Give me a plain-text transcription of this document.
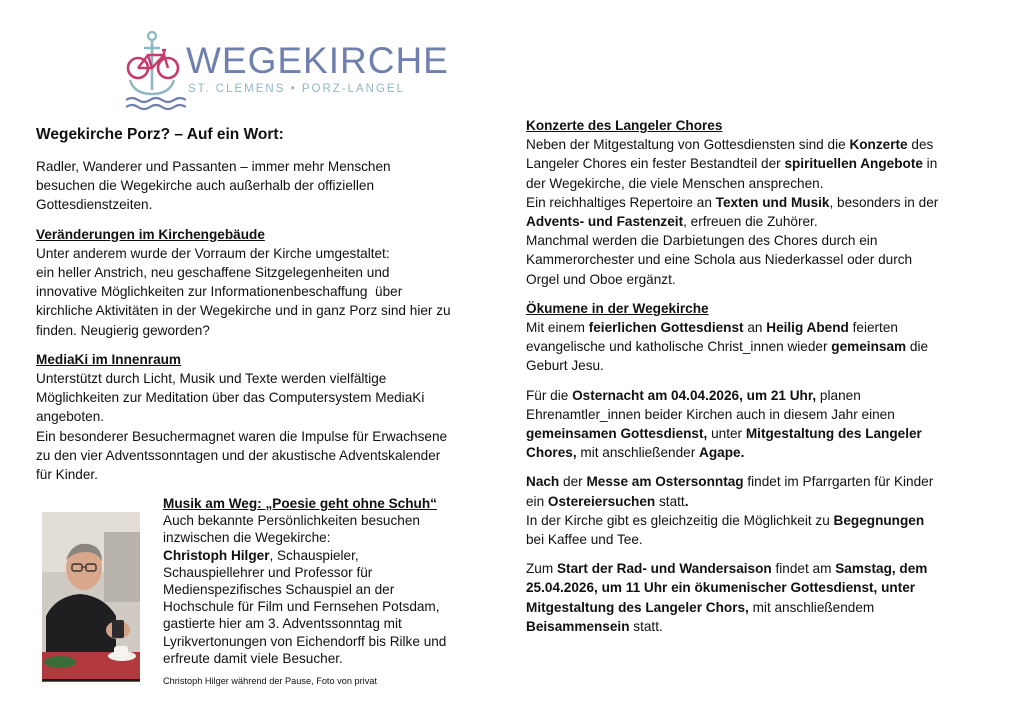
WEGEKIRCHE
ST. CLEMENS • PORZ-LANGEL
Wegekirche Porz? – Auf ein Wort:

Radler, Wanderer und Passanten – immer mehr Menschen besuchen die Wegekirche auch außerhalb der offiziellen Gottesdienstzeiten.

Veränderungen im Kirchengebäude

Unter anderem wurde der Vorraum der Kirche umgestaltet:

ein heller Anstrich, neu geschaffene Sitzgelegenheiten und

innovative Möglichkeiten zur Informationenbeschaffung  über

kirchliche Aktivitäten in der Wegekirche und in ganz Porz sind hier zu

finden. Neugierig geworden?

MediaKi im Innenraum

Unterstützt durch Licht, Musik und Texte werden vielfältige

Möglichkeiten zur Meditation über das Computersystem MediaKi

angeboten.

Ein besonderer Besuchermagnet waren die Impulse für Erwachsene

zu den vier Adventssonntagen und der akustische Adventskalender

für Kinder.

Musik am Weg: „Poesie geht ohne Schuh“

Auch bekannte Persönlichkeiten besuchen

inzwischen die Wegekirche:

Christoph Hilger, Schauspieler,

Schauspiellehrer und Professor für

Medienspezifisches Schauspiel an der

Hochschule für Film und Fernsehen Potsdam,

gastierte hier am 3. Adventssonntag mit

Lyrikvertonungen von Eichendorff bis Rilke und

erfreute damit viele Besucher.

Christoph Hilger während der Pause, Foto von privat

Konzerte des Langeler Chores

Neben der Mitgestaltung von Gottesdiensten sind die Konzerte des

Langeler Chores ein fester Bestandteil der spirituellen Angebote in

der Wegekirche, die viele Menschen ansprechen.

Ein reichhaltiges Repertoire an Texten und Musik, besonders in der

Advents- und Fastenzeit, erfreuen die Zuhörer.

Manchmal werden die Darbietungen des Chores durch ein

Kammerorchester und eine Schola aus Niederkassel oder durch

Orgel und Oboe ergänzt.

Ökumene in der Wegekirche

Mit einem feierlichen Gottesdienst an Heilig Abend feierten

evangelische und katholische Christ_innen wieder gemeinsam die

Geburt Jesu.

Für die Osternacht am 04.04.2026, um 21 Uhr, planen

Ehrenamtler_innen beider Kirchen auch in diesem Jahr einen

gemeinsamen Gottesdienst, unter Mitgestaltung des Langeler

Chores, mit anschließender Agape.

Nach der Messe am Ostersonntag findet im Pfarrgarten für Kinder

ein Ostereiersuchen statt.

In der Kirche gibt es gleichzeitig die Möglichkeit zu Begegnungen

bei Kaffee und Tee.

Zum Start der Rad- und Wandersaison findet am Samstag, dem

25.04.2026, um 11 Uhr ein ökumenischer Gottesdienst, unter

Mitgestaltung des Langeler Chors, mit anschließendem

Beisammensein statt.
